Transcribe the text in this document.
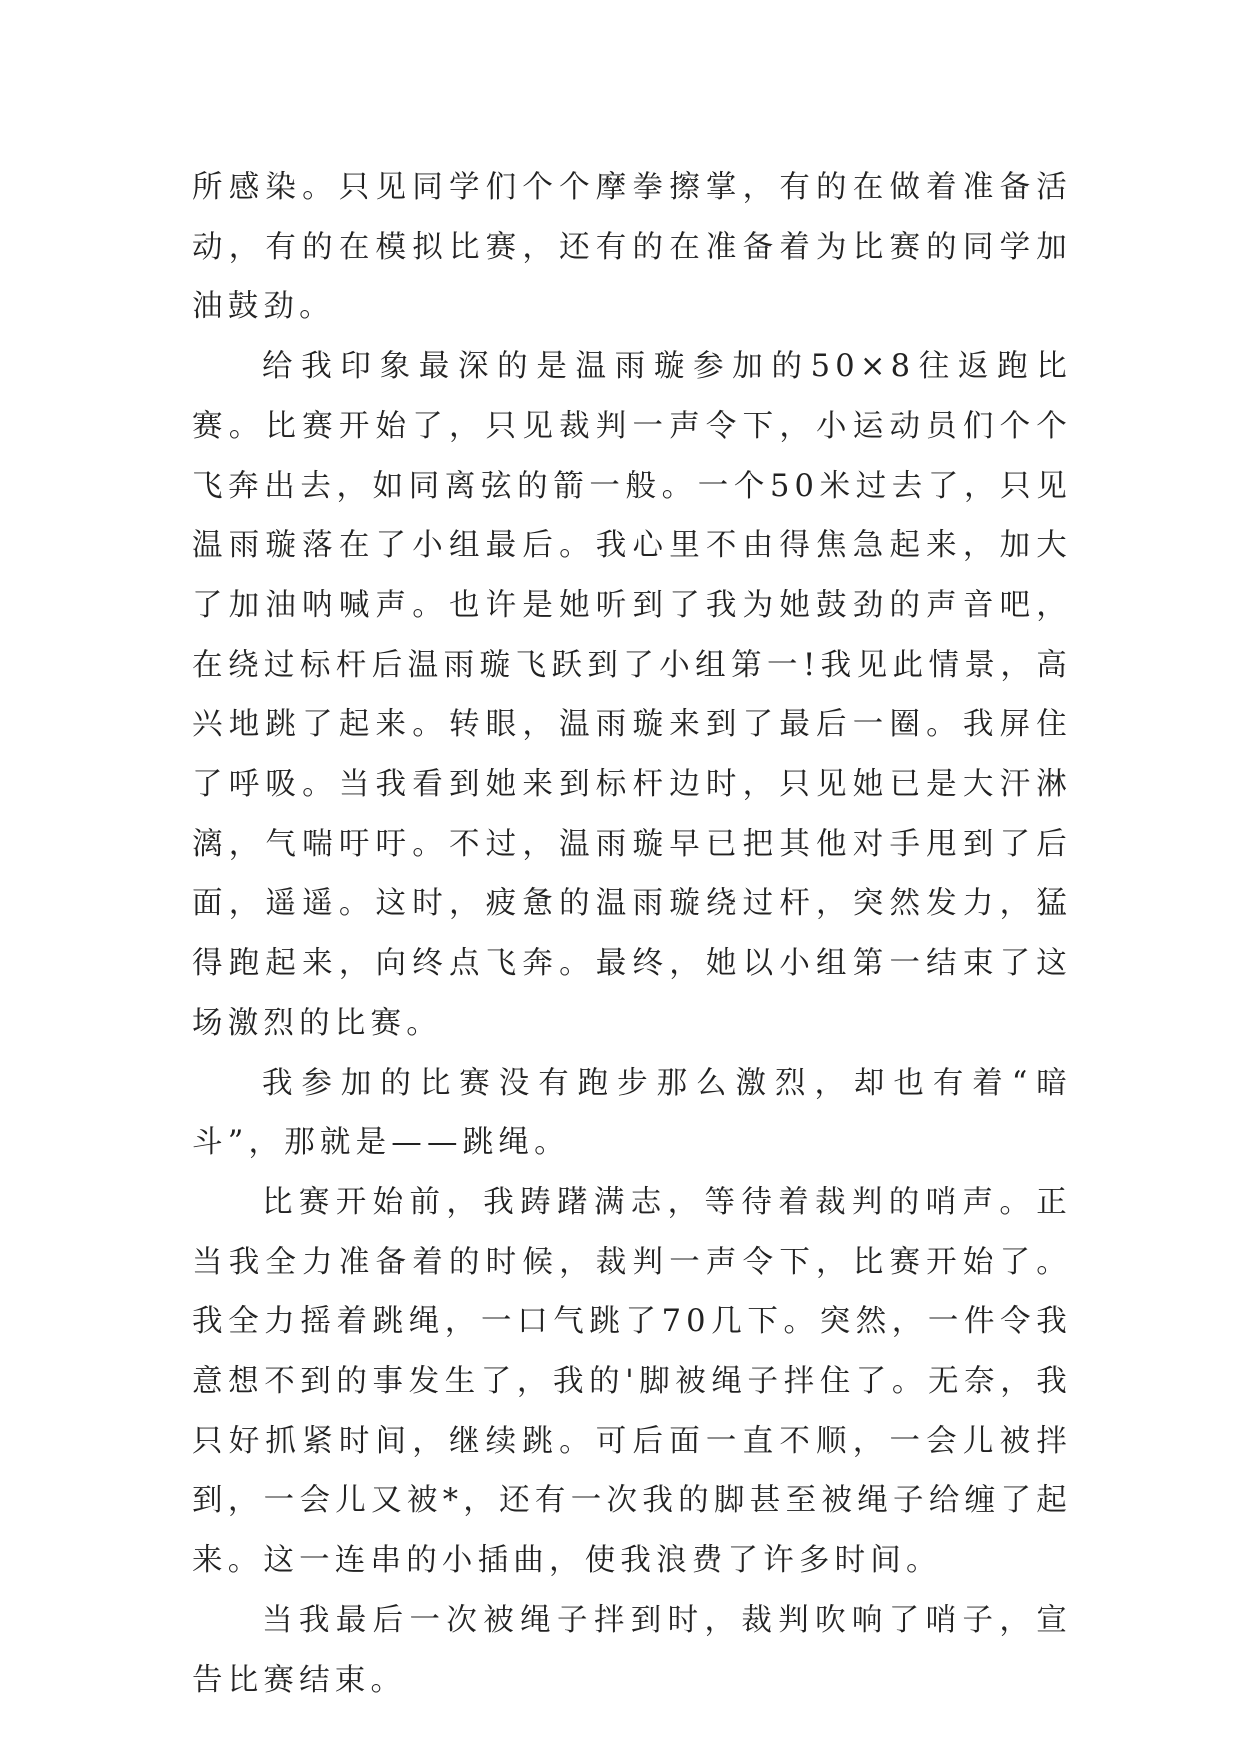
所感染。只见同学们个个摩拳擦掌，有的在做着准备活动，有的在模拟比赛，还有的在准备着为比赛的同学加油鼓劲。

给我印象最深的是温雨璇参加的50×8往返跑比赛。比赛开始了，只见裁判一声令下，小运动员们个个飞奔出去，如同离弦的箭一般。一个50米过去了，只见温雨璇落在了小组最后。我心里不由得焦急起来，加大了加油呐喊声。也许是她听到了我为她鼓劲的声音吧，在绕过标杆后温雨璇飞跃到了小组第一!我见此情景，高兴地跳了起来。转眼，温雨璇来到了最后一圈。我屏住了呼吸。当我看到她来到标杆边时，只见她已是大汗淋漓，气喘吁吁。不过，温雨璇早已把其他对手甩到了后面，遥遥。这时，疲惫的温雨璇绕过杆，突然发力，猛得跑起来，向终点飞奔。最终，她以小组第一结束了这场激烈的比赛。

我参加的比赛没有跑步那么激烈，却也有着“暗斗”，那就是——跳绳。

比赛开始前，我踌躇满志，等待着裁判的哨声。正当我全力准备着的时候，裁判一声令下，比赛开始了。我全力摇着跳绳，一口气跳了70几下。突然，一件令我意想不到的事发生了，我的'脚被绳子拌住了。无奈，我只好抓紧时间，继续跳。可后面一直不顺，一会儿被拌到，一会儿又被*，还有一次我的脚甚至被绳子给缠了起来。这一连串的小插曲，使我浪费了许多时间。

当我最后一次被绳子拌到时，裁判吹响了哨子，宣告比赛结束。
